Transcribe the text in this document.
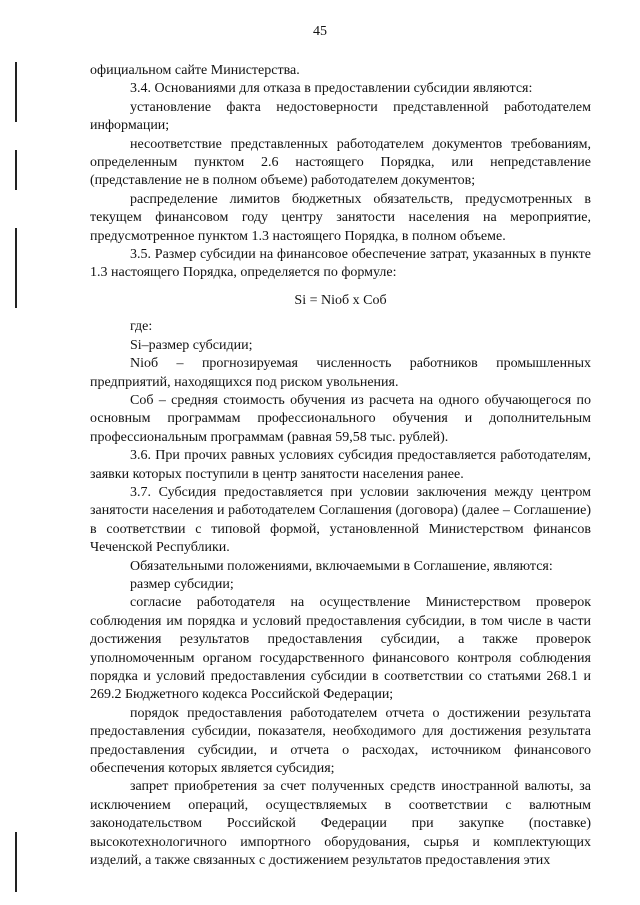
45

официальном сайте Министерства.

3.4. Основаниями для отказа в предоставлении субсидии являются:

установление факта недостоверности представленной работодателем информации;

несоответствие представленных работодателем документов требованиям, определенным пунктом 2.6 настоящего Порядка, или непредставление (представление не в полном объеме) работодателем документов;

распределение лимитов бюджетных обязательств, предусмотренных в текущем финансовом году центру занятости населения на мероприятие, предусмотренное пунктом 1.3 настоящего Порядка, в полном объеме.

3.5. Размер субсидии на финансовое обеспечение затрат, указанных в пункте 1.3 настоящего Порядка, определяется по формуле:

Si = Nioб x Соб

где:

Si–размер субсидии;

Nioб – прогнозируемая численность работников промышленных предприятий, находящихся под риском увольнения.

Соб – средняя стоимость обучения из расчета на одного обучающегося по основным программам профессионального обучения и дополнительным профессиональным программам (равная 59,58 тыс. рублей).

3.6. При прочих равных условиях субсидия предоставляется работодателям, заявки которых поступили в центр занятости населения ранее.

3.7. Субсидия предоставляется при условии заключения между центром занятости населения и работодателем Соглашения (договора) (далее – Соглашение) в соответствии с типовой формой, установленной Министерством финансов Чеченской Республики.

Обязательными положениями, включаемыми в Соглашение, являются:

размер субсидии;

согласие работодателя на осуществление Министерством проверок соблюдения им порядка и условий предоставления субсидии, в том числе в части достижения результатов предоставления субсидии, а также проверок уполномоченным органом государственного финансового контроля соблюдения порядка и условий предоставления субсидии в соответствии со статьями 268.1 и 269.2 Бюджетного кодекса Российской Федерации;

порядок предоставления работодателем отчета о достижении результата предоставления субсидии, показателя, необходимого для достижения результата предоставления субсидии, и отчета о расходах, источником финансового обеспечения которых является субсидия;

запрет приобретения за счет полученных средств иностранной валюты, за исключением операций, осуществляемых в соответствии с валютным законодательством Российской Федерации при закупке (поставке) высокотехнологичного импортного оборудования, сырья и комплектующих изделий, а также связанных с достижением результатов предоставления этих
